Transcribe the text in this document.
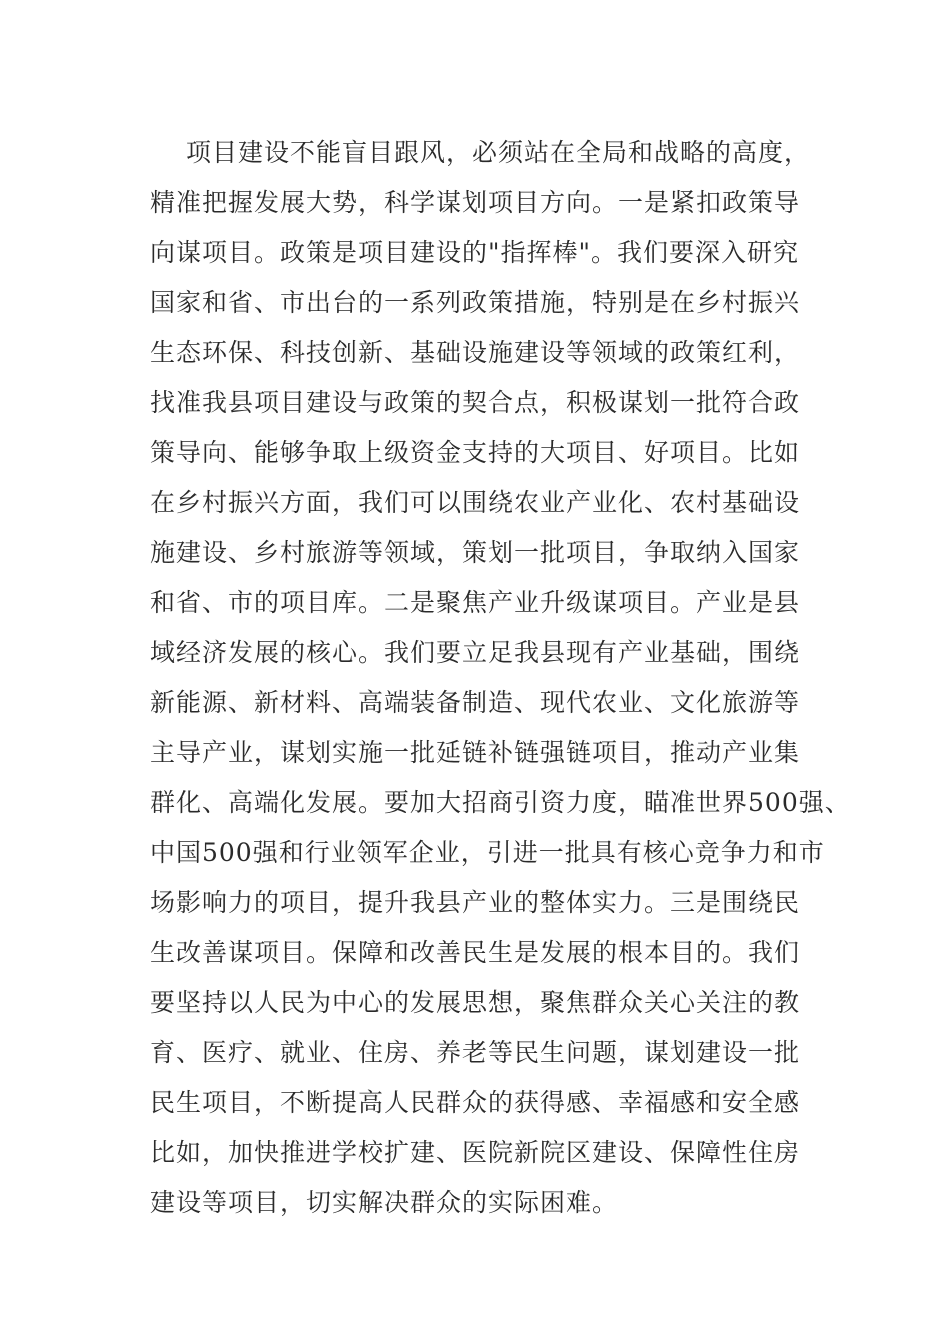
项目建设不能盲目跟风，必须站在全局和战略的高度，
精准把握发展大势，科学谋划项目方向。一是紧扣政策导
向谋项目。政策是项目建设的"指挥棒"。我们要深入研究
国家和省、市出台的一系列政策措施，特别是在乡村振兴
生态环保、科技创新、基础设施建设等领域的政策红利，
找准我县项目建设与政策的契合点，积极谋划一批符合政
策导向、能够争取上级资金支持的大项目、好项目。比如
在乡村振兴方面，我们可以围绕农业产业化、农村基础设
施建设、乡村旅游等领域，策划一批项目，争取纳入国家
和省、市的项目库。二是聚焦产业升级谋项目。产业是县
域经济发展的核心。我们要立足我县现有产业基础，围绕
新能源、新材料、高端装备制造、现代农业、文化旅游等
主导产业，谋划实施一批延链补链强链项目，推动产业集
群化、高端化发展。要加大招商引资力度，瞄准世界500强、
中国500强和行业领军企业，引进一批具有核心竞争力和市
场影响力的项目，提升我县产业的整体实力。三是围绕民
生改善谋项目。保障和改善民生是发展的根本目的。我们
要坚持以人民为中心的发展思想，聚焦群众关心关注的教
育、医疗、就业、住房、养老等民生问题，谋划建设一批
民生项目，不断提高人民群众的获得感、幸福感和安全感
比如，加快推进学校扩建、医院新院区建设、保障性住房
建设等项目，切实解决群众的实际困难。
